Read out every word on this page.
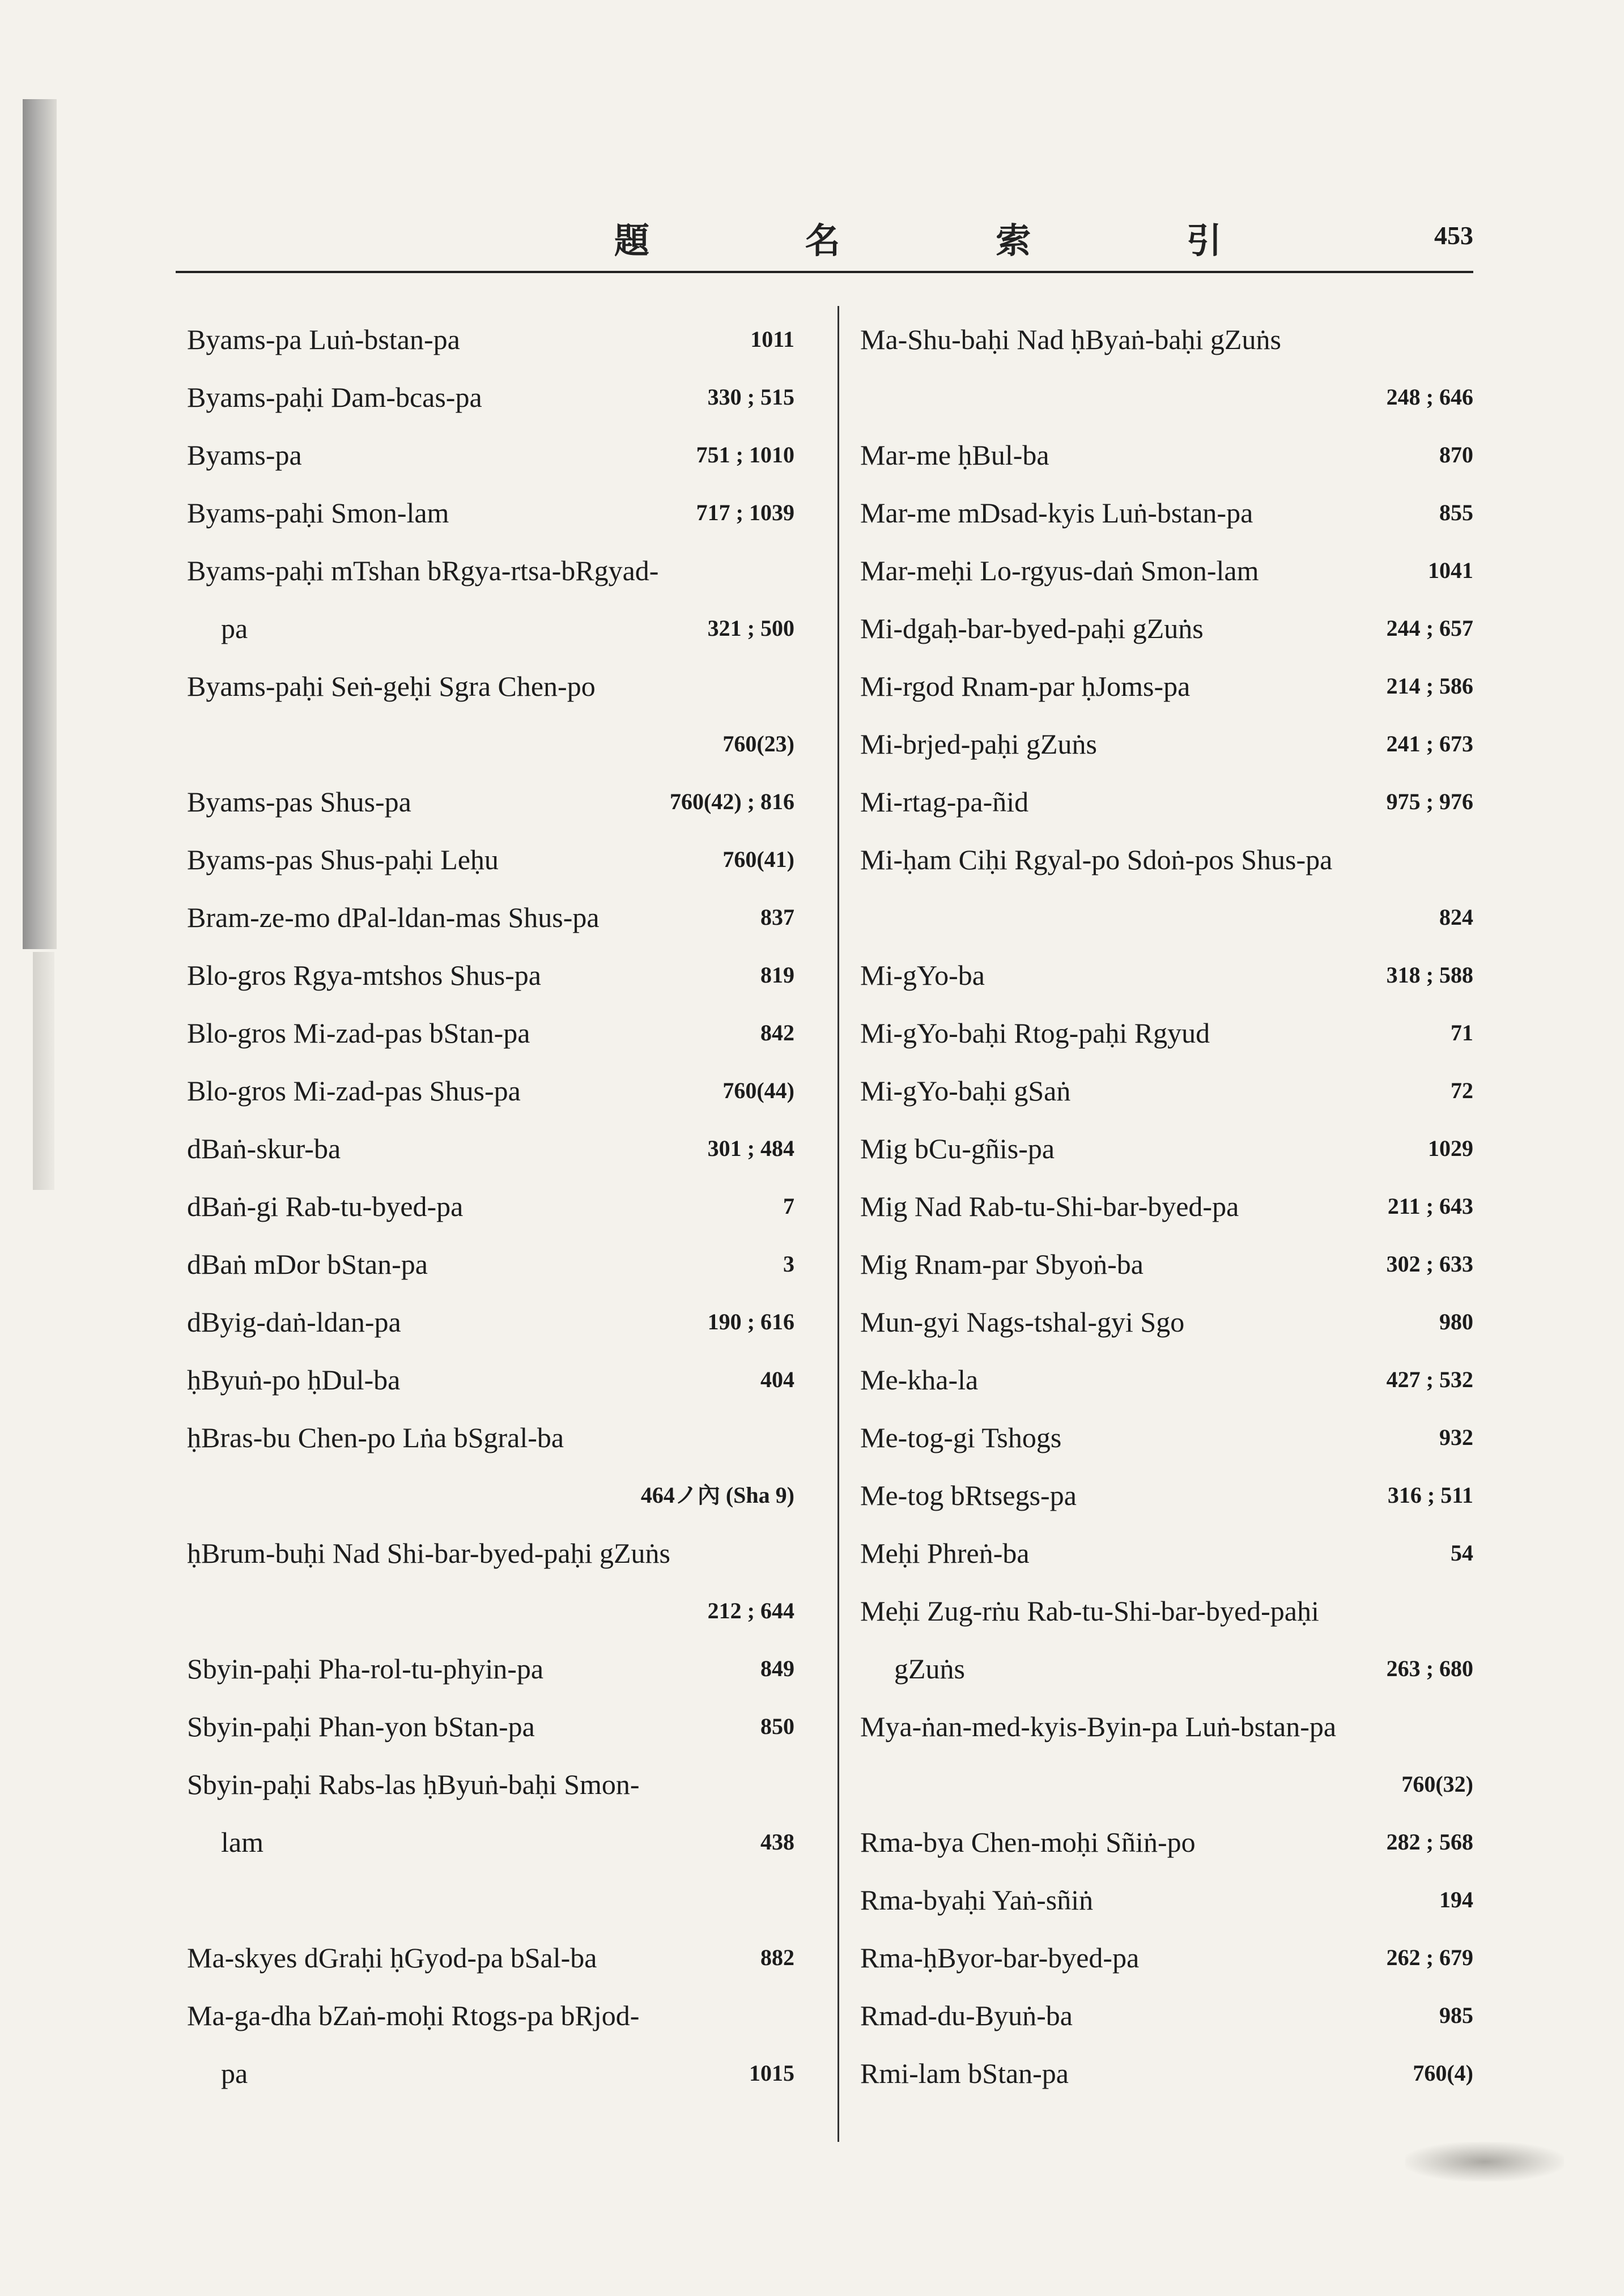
題	名	索	引	453
Byams-pa Luṅ-bstan-pa	1011
Byams-paḥi Dam-bcas-pa	330 ; 515
Byams-pa	751 ; 1010
Byams-paḥi Smon-lam	717 ; 1039
Byams-paḥi mTshan bRgya-rtsa-bRgyad-
pa	321 ; 500
Byams-paḥi Seṅ-geḥi Sgra Chen-po
760(23)
Byams-pas Shus-pa	760(42) ; 816
Byams-pas Shus-paḥi Leḥu	760(41)
Bram-ze-mo dPal-ldan-mas Shus-pa	837
Blo-gros Rgya-mtshos Shus-pa	819
Blo-gros Mi-zad-pas bStan-pa	842
Blo-gros Mi-zad-pas Shus-pa	760(44)
dBaṅ-skur-ba	301 ; 484
dBaṅ-gi Rab-tu-byed-pa	7
dBaṅ mDor bStan-pa	3
dByig-daṅ-ldan-pa	190 ; 616
ḥByuṅ-po ḥDul-ba	404
ḥBras-bu Chen-po Lṅa bSgral-ba
464ノ內 (Sha 9)
ḥBrum-buḥi Nad Shi-bar-byed-paḥi gZuṅs
212 ; 644
Sbyin-paḥi Pha-rol-tu-phyin-pa	849
Sbyin-paḥi Phan-yon bStan-pa	850
Sbyin-paḥi Rabs-las ḥByuṅ-baḥi Smon-
lam	438
Ma-skyes dGraḥi ḥGyod-pa bSal-ba	882
Ma-ga-dha bZaṅ-moḥi Rtogs-pa bRjod-
pa	1015
Ma-Shu-baḥi Nad ḥByaṅ-baḥi gZuṅs
248 ; 646
Mar-me ḥBul-ba	870
Mar-me mDsad-kyis Luṅ-bstan-pa	855
Mar-meḥi Lo-rgyus-daṅ Smon-lam	1041
Mi-dgaḥ-bar-byed-paḥi gZuṅs	244 ; 657
Mi-rgod Rnam-par ḥJoms-pa	214 ; 586
Mi-brjed-paḥi gZuṅs	241 ; 673
Mi-rtag-pa-ñid	975 ; 976
Mi-ḥam Ciḥi Rgyal-po Sdoṅ-pos Shus-pa
824
Mi-gYo-ba	318 ; 588
Mi-gYo-baḥi Rtog-paḥi Rgyud	71
Mi-gYo-baḥi gSaṅ	72
Mig bCu-gñis-pa	1029
Mig Nad Rab-tu-Shi-bar-byed-pa	211 ; 643
Mig Rnam-par Sbyoṅ-ba	302 ; 633
Mun-gyi Nags-tshal-gyi Sgo	980
Me-kha-la	427 ; 532
Me-tog-gi Tshogs	932
Me-tog bRtsegs-pa	316 ; 511
Meḥi Phreṅ-ba	54
Meḥi Zug-rṅu Rab-tu-Shi-bar-byed-paḥi
gZuṅs	263 ; 680
Mya-ṅan-med-kyis-Byin-pa Luṅ-bstan-pa
760(32)
Rma-bya Chen-moḥi Sñiṅ-po	282 ; 568
Rma-byaḥi Yaṅ-sñiṅ	194
Rma-ḥByor-bar-byed-pa	262 ; 679
Rmad-du-Byuṅ-ba	985
Rmi-lam bStan-pa	760(4)
